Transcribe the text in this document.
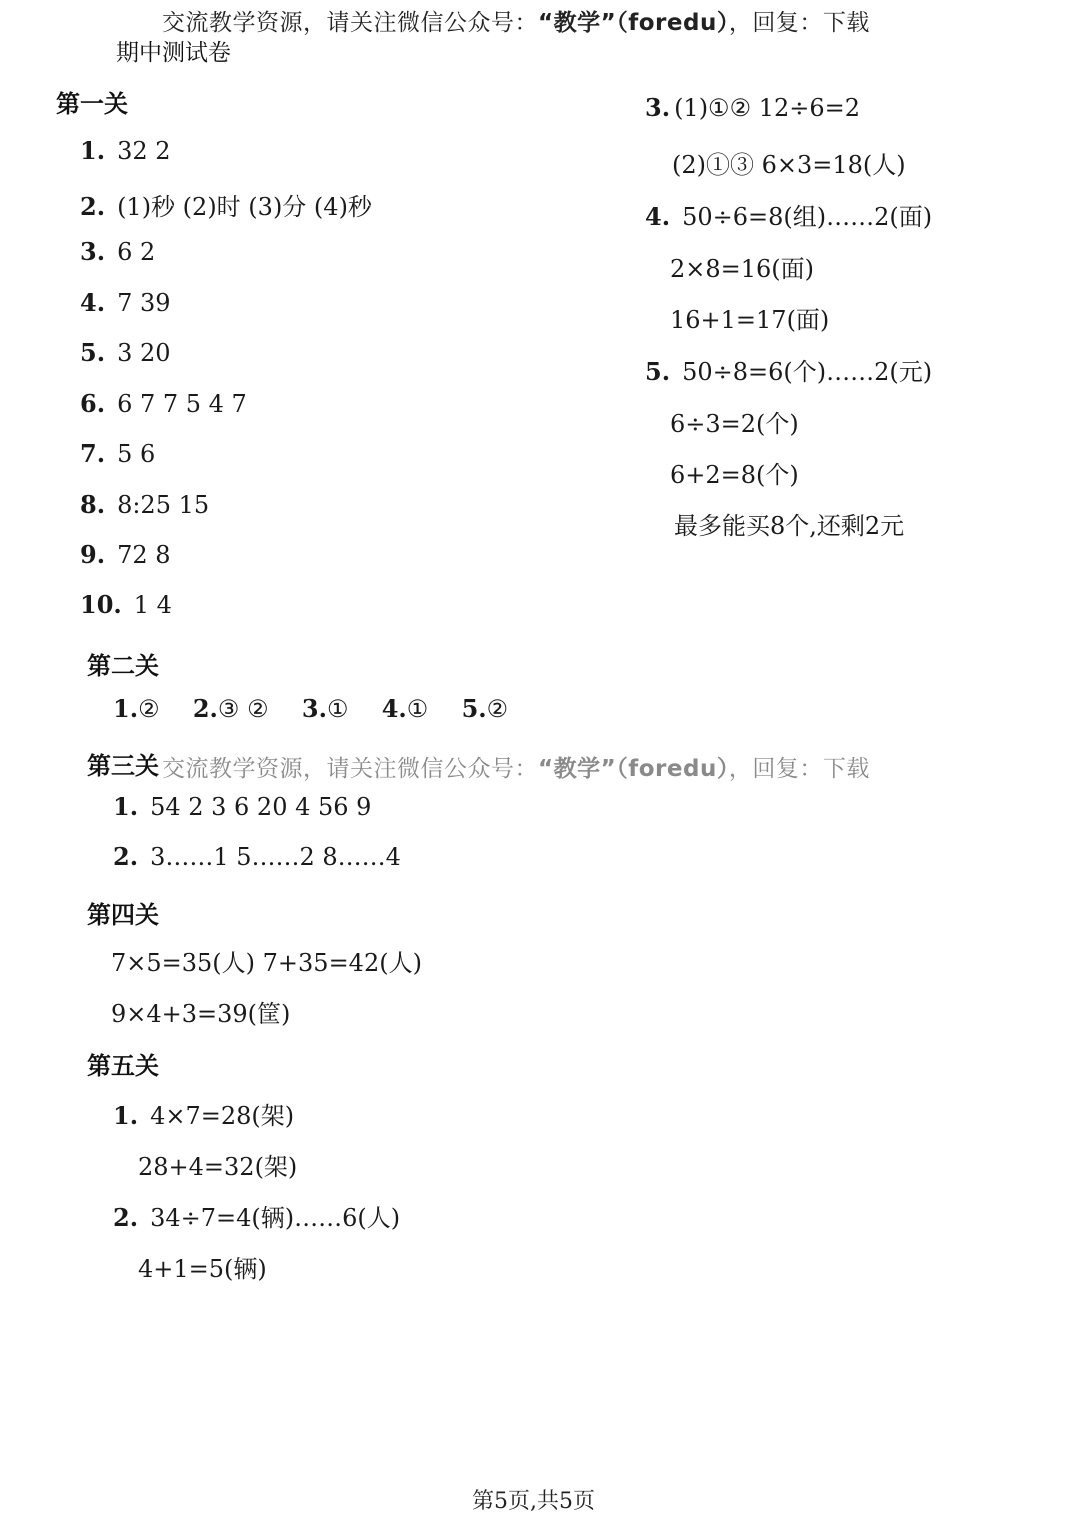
交流教学资源，请关注微信公众号：“教学”（foredu），回复：下载
期中测试卷
第一关
1. 32 2
2. (1)秒 (2)时 (3)分 (4)秒
3. 6 2
4. 7 39
5. 3 20
6. 6 7 7 5 4 7
7. 5 6
8. 8:25 15
9. 72 8
10. 1 4
第二关
1.② 2.③ ② 3.① 4.① 5.②
第三关 交流教学资源，请关注微信公众号：“教学”（foredu），回复：下载
1. 54 2 3 6 20 4 56 9
2. 3……1 5……2 8……4
第四关
7×5=35(人) 7+35=42(人)
9×4+3=39(筐)
第五关
1. 4×7=28(架)
28+4=32(架)
2. 34÷7=4(辆)……6(人)
4+1=5(辆)
3. (1)①② 12÷6=2
(2)①③ 6×3=18(人)
4. 50÷6=8(组)……2(面)
2×8=16(面)
16+1=17(面)
5. 50÷8=6(个)……2(元)
6÷3=2(个)
6+2=8(个)
最多能买8个,还剩2元
第5页,共5页
